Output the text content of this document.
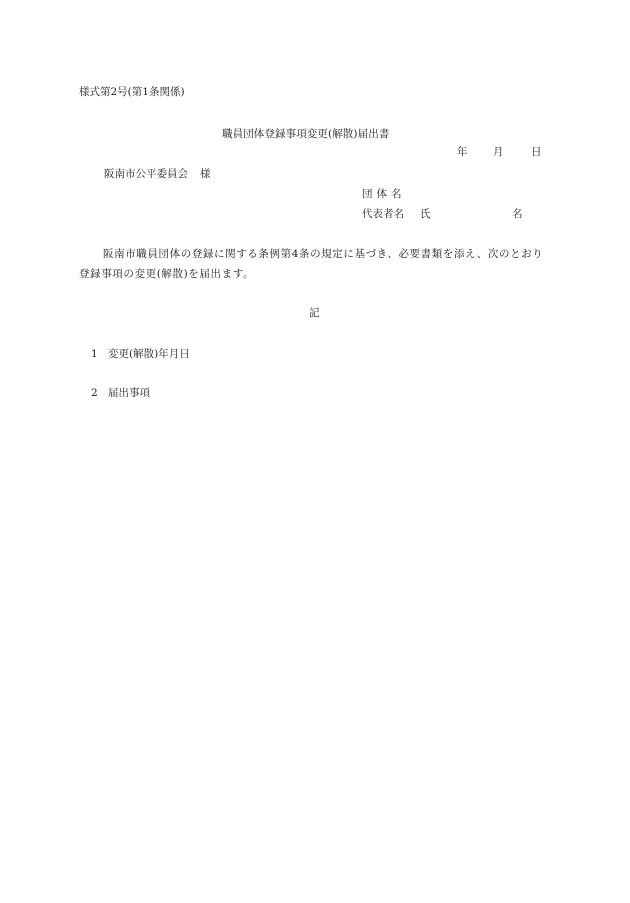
様式第2号(第1条関係)
職員団体登録事項変更(解散)届出書
年 月	日
阪南市公平委員会 様
団体名
代表者名 氏	名
阪南市職員団体の登録に関する条例第4条の規定に基づき、必要書類を添え、次のとおり登録事項の変更(解散)を届出ます。
記
1 変更(解散)年月日
2 届出事項
